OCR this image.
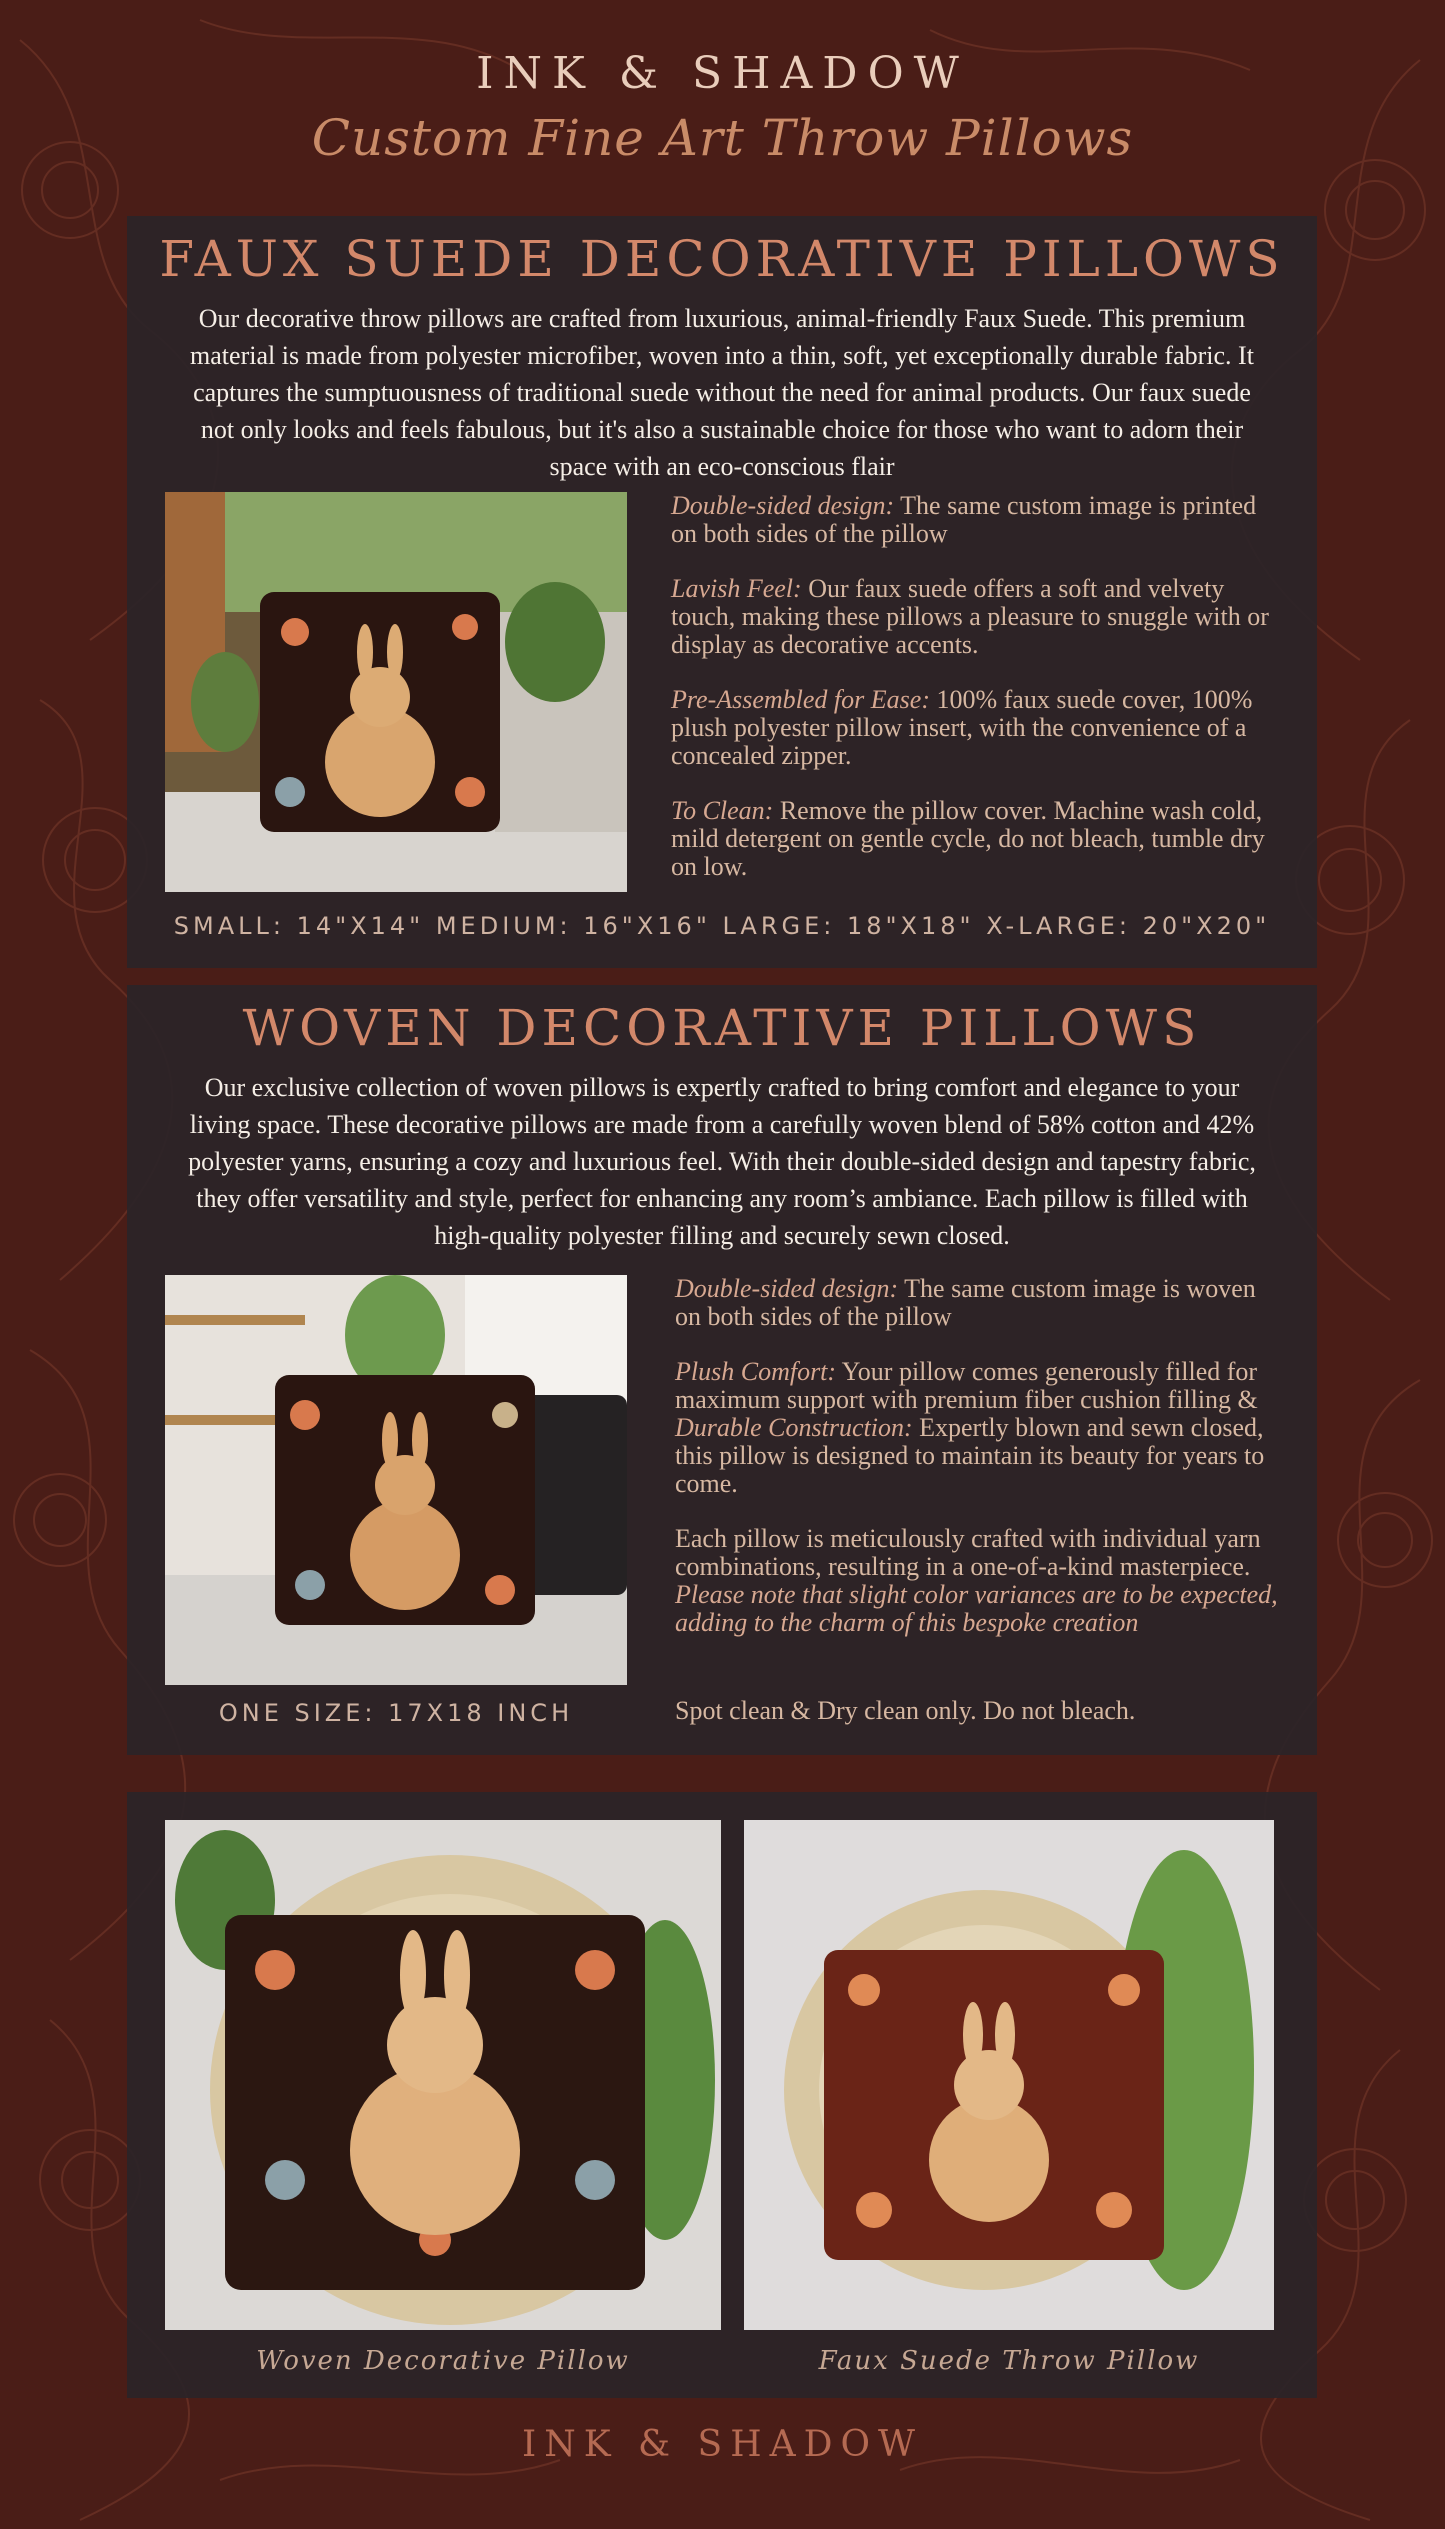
INK & SHADOW
Custom Fine Art Throw Pillows
FAUX SUEDE DECORATIVE PILLOWS
Our decorative throw pillows are crafted from luxurious, animal-friendly Faux Suede. This premium material is made from polyester microfiber, woven into a thin, soft, yet exceptionally durable fabric. It captures the sumptuousness of traditional suede without the need for animal products. Our faux suede not only looks and feels fabulous, but it's also a sustainable choice for those who want to adorn their space with an eco-conscious flair
Double-sided design: The same custom image is printed on both sides of the pillow
Lavish Feel: Our faux suede offers a soft and velvety touch, making these pillows a pleasure to snuggle with or display as decorative accents.
Pre-Assembled for Ease: 100% faux suede cover, 100% plush polyester pillow insert, with the convenience of a concealed zipper.
To Clean: Remove the pillow cover. Machine wash cold, mild detergent on gentle cycle, do not bleach, tumble dry on low.
SMALL: 14"X14" MEDIUM: 16"X16" LARGE: 18"X18" X-LARGE: 20"X20"
WOVEN DECORATIVE PILLOWS
Our exclusive collection of woven pillows is expertly crafted to bring comfort and elegance to your living space. These decorative pillows are made from a carefully woven blend of 58% cotton and 42% polyester yarns, ensuring a cozy and luxurious feel. With their double-sided design and tapestry fabric, they offer versatility and style, perfect for enhancing any room’s ambiance. Each pillow is filled with high-quality polyester filling and securely sewn closed.
Double-sided design: The same custom image is woven on both sides of the pillow
Plush Comfort: Your pillow comes generously filled for maximum support with premium fiber cushion filling & Durable Construction: Expertly blown and sewn closed, this pillow is designed to maintain its beauty for years to come.
Each pillow is meticulously crafted with individual yarn combinations, resulting in a one-of-a-kind masterpiece. Please note that slight color variances are to be expected, adding to the charm of this bespoke creation
Spot clean & Dry clean only. Do not bleach.
ONE SIZE: 17X18 INCH
Woven Decorative Pillow	Faux Suede Throw Pillow
INK & SHADOW
